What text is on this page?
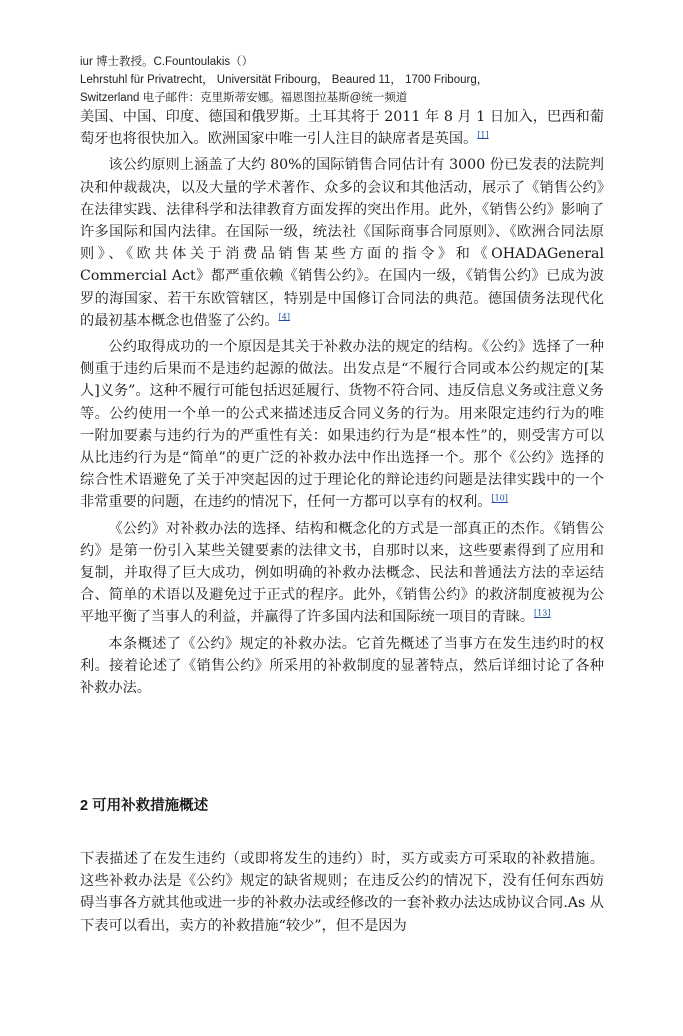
iur 博士教授。C.Fountoulakis（）
Lehrstuhl für Privatrecht， Universität Fribourg， Beaured 11， 1700 Fribourg，
Switzerland 电子邮件：克里斯蒂安娜。福恩图拉基斯@统一频道

美国、中国、印度、德国和俄罗斯。土耳其将于 2011 年 8 月 1 日加入，巴西和葡萄牙也将很快加入。欧洲国家中唯一引人注目的缺席者是英国。[1]

该公约原则上涵盖了大约 80%的国际销售合同估计有 3000 份已发表的法院判决和仲裁裁决，以及大量的学术著作、众多的会议和其他活动，展示了《销售公约》在法律实践、法律科学和法律教育方面发挥的突出作用。此外，《销售公约》影响了许多国际和国内法律。在国际一级，统法社《国际商事合同原则》、《欧洲合同法原则》、《欧共体关于消费品销售某些方面的指令》和《OHADAGeneral Commercial Act》都严重依赖《销售公约》。在国内一级，《销售公约》已成为波罗的海国家、若干东欧管辖区，特别是中国修订合同法的典范。德国债务法现代化的最初基本概念也借鉴了公约。[4]

公约取得成功的一个原因是其关于补救办法的规定的结构。《公约》选择了一种侧重于违约后果而不是违约起源的做法。出发点是“不履行合同或本公约规定的[某人]义务”。这种不履行可能包括迟延履行、货物不符合同、违反信息义务或注意义务等。公约使用一个单一的公式来描述违反合同义务的行为。用来限定违约行为的唯一附加要素与违约行为的严重性有关：如果违约行为是“根本性”的，则受害方可以从比违约行为是“简单”的更广泛的补救办法中作出选择一个。那个《公约》选择的综合性术语避免了关于冲突起因的过于理论化的辩论违约问题是法律实践中的一个非常重要的问题，在违约的情况下，任何一方都可以享有的权利。[10]

《公约》对补救办法的选择、结构和概念化的方式是一部真正的杰作。《销售公约》是第一份引入某些关键要素的法律文书，自那时以来，这些要素得到了应用和复制，并取得了巨大成功，例如明确的补救办法概念、民法和普通法方法的幸运结合、简单的术语以及避免过于正式的程序。此外，《销售公约》的救济制度被视为公平地平衡了当事人的利益，并赢得了许多国内法和国际统一项目的青睐。[13]

本条概述了《公约》规定的补救办法。它首先概述了当事方在发生违约时的权利。接着论述了《销售公约》所采用的补救制度的显著特点，然后详细讨论了各种补救办法。

2 可用补救措施概述

下表描述了在发生违约（或即将发生的违约）时，买方或卖方可采取的补救措施。这些补救办法是《公约》规定的缺省规则；在违反公约的情况下，没有任何东西妨碍当事各方就其他或进一步的补救办法或经修改的一套补救办法达成协议合同.As 从下表可以看出，卖方的补救措施“较少”，但不是因为
